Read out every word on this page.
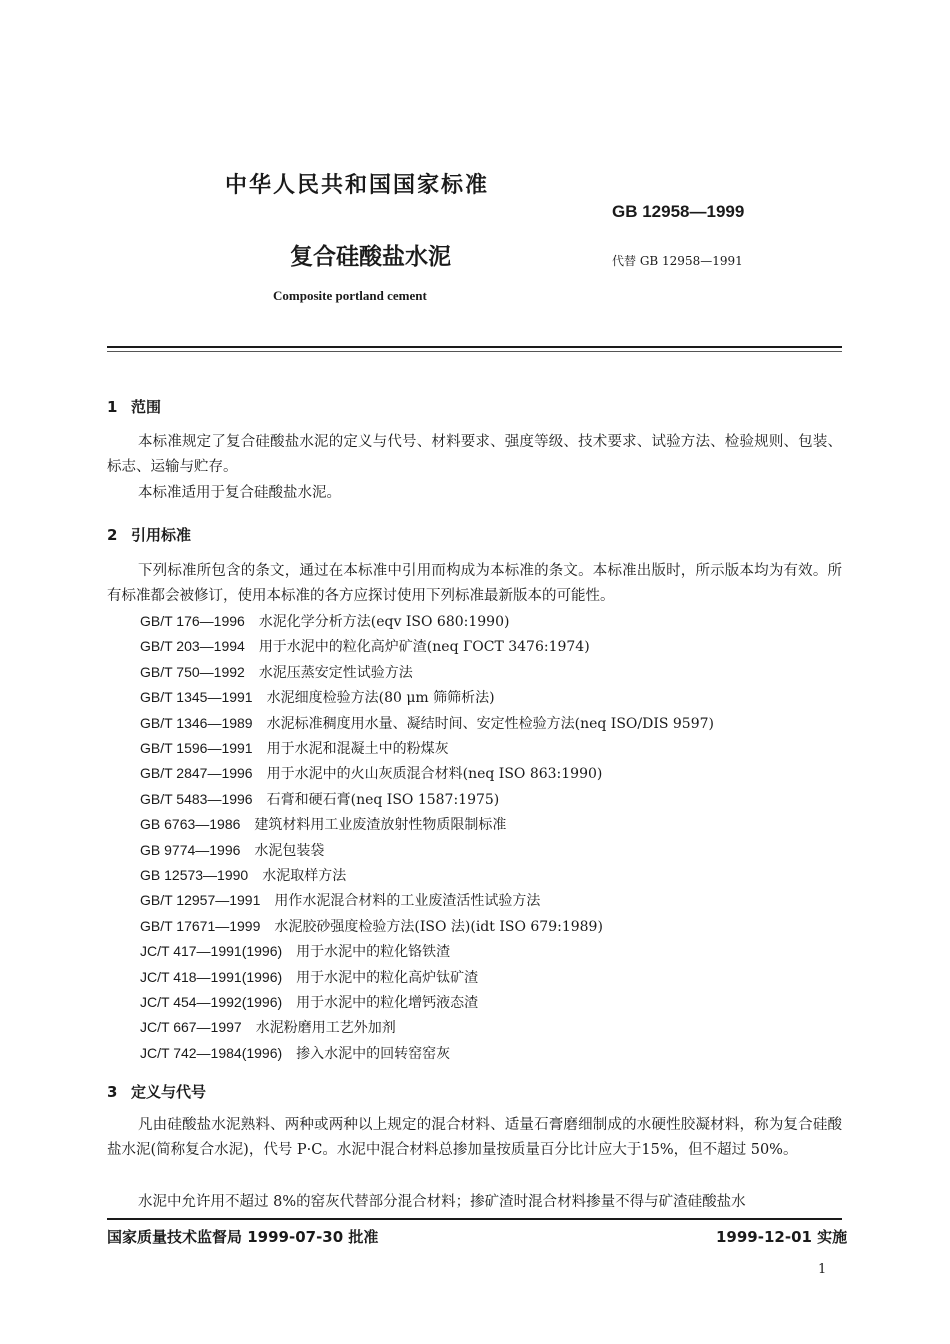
中华人民共和国国家标准
GB 12958—1999
复合硅酸盐水泥	代替 GB 12958—1991
Composite portland cement
1 范围
本标准规定了复合硅酸盐水泥的定义与代号、材料要求、强度等级、技术要求、试验方法、检验规则、包装、标志、运输与贮存。
本标准适用于复合硅酸盐水泥。
2 引用标准
下列标准所包含的条文，通过在本标准中引用而构成为本标准的条文。本标准出版时，所示版本均为有效。所有标准都会被修订，使用本标准的各方应探讨使用下列标准最新版本的可能性。
GB/T 176—1996 水泥化学分析方法(eqv ISO 680:1990)
GB/T 203—1994 用于水泥中的粒化高炉矿渣(neq ГОСТ 3476:1974)
GB/T 750—1992 水泥压蒸安定性试验方法
GB/T 1345—1991 水泥细度检验方法(80 μm 筛筛析法)
GB/T 1346—1989 水泥标准稠度用水量、凝结时间、安定性检验方法(neq ISO/DIS 9597)
GB/T 1596—1991 用于水泥和混凝土中的粉煤灰
GB/T 2847—1996 用于水泥中的火山灰质混合材料(neq ISO 863:1990)
GB/T 5483—1996 石膏和硬石膏(neq ISO 1587:1975)
GB 6763—1986 建筑材料用工业废渣放射性物质限制标准
GB 9774—1996 水泥包装袋
GB 12573—1990 水泥取样方法
GB/T 12957—1991 用作水泥混合材料的工业废渣活性试验方法
GB/T 17671—1999 水泥胶砂强度检验方法(ISO 法)(idt ISO 679:1989)
JC/T 417—1991(1996) 用于水泥中的粒化铬铁渣
JC/T 418—1991(1996) 用于水泥中的粒化高炉钛矿渣
JC/T 454—1992(1996) 用于水泥中的粒化增钙液态渣
JC/T 667—1997 水泥粉磨用工艺外加剂
JC/T 742—1984(1996) 掺入水泥中的回转窑窑灰
3 定义与代号
凡由硅酸盐水泥熟料、两种或两种以上规定的混合材料、适量石膏磨细制成的水硬性胶凝材料，称为复合硅酸盐水泥(简称复合水泥)，代号 P·C。水泥中混合材料总掺加量按质量百分比计应大于15%，但不超过 50%。
水泥中允许用不超过 8%的窑灰代替部分混合材料；掺矿渣时混合材料掺量不得与矿渣硅酸盐水
国家质量技术监督局 1999-07-30 批准	1999-12-01 实施
1
